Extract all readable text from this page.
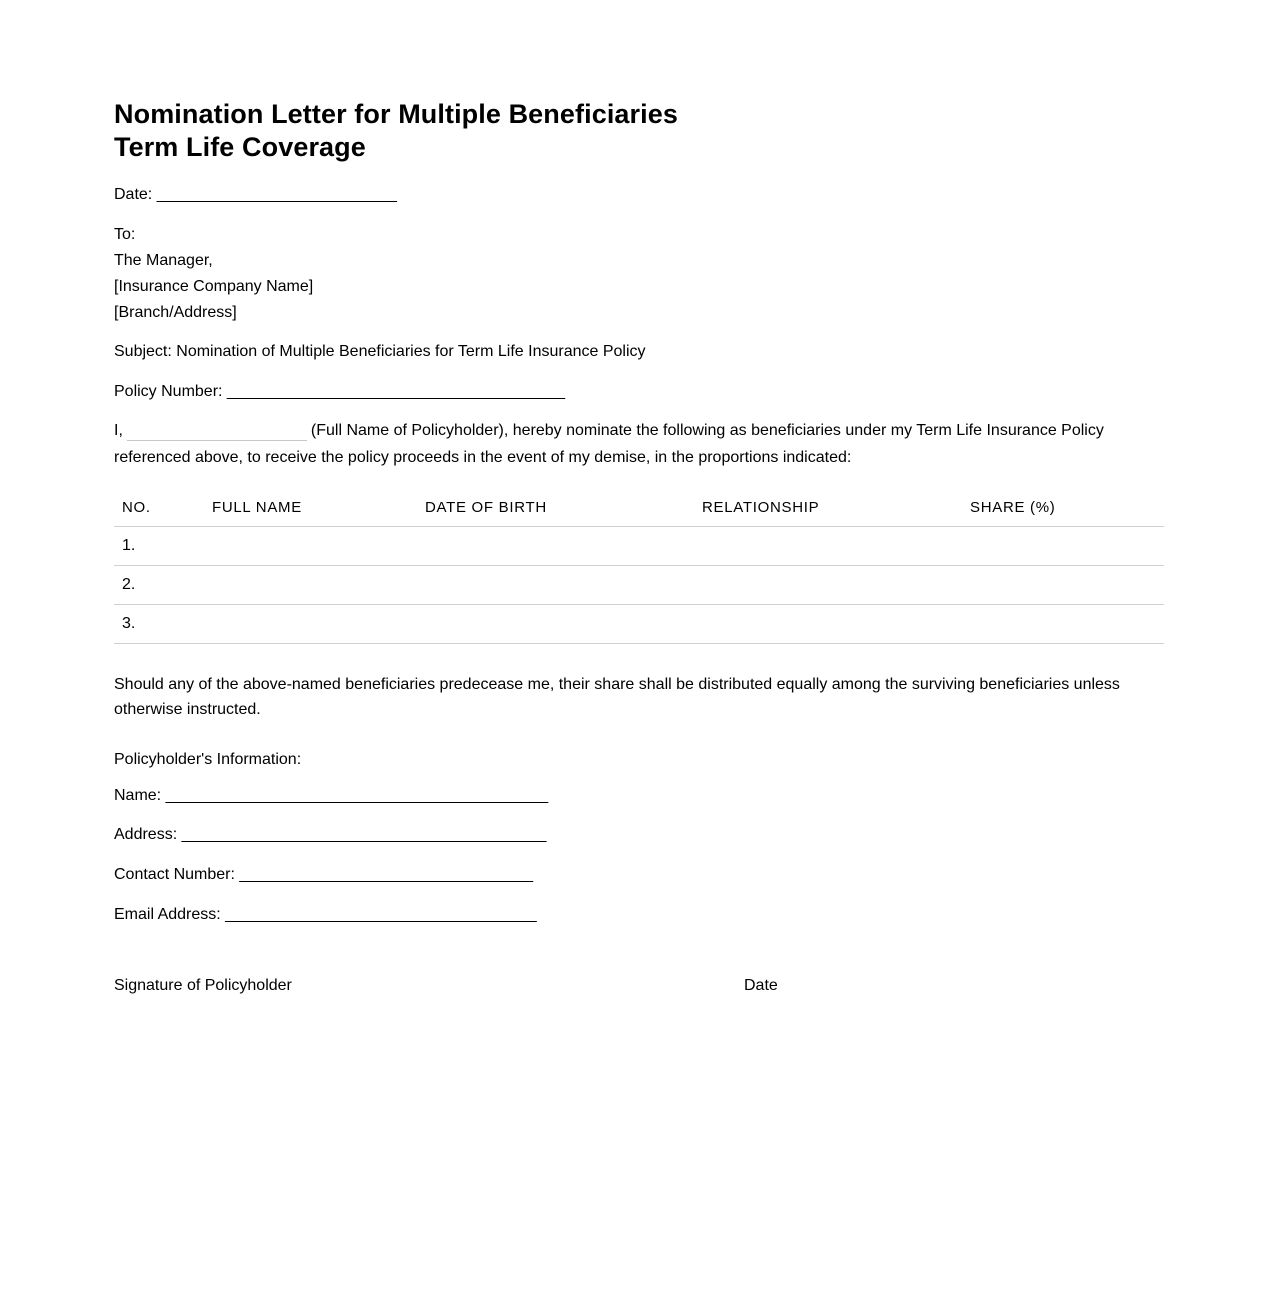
Nomination Letter for Multiple Beneficiaries
Term Life Coverage
Date: ___________________________
To:
The Manager,
[Insurance Company Name]
[Branch/Address]
Subject: Nomination of Multiple Beneficiaries for Term Life Insurance Policy
Policy Number: ______________________________________
I,	(Full Name of Policyholder), hereby nominate the following as beneficiaries under my Term Life Insurance Policy referenced above, to receive the policy proceeds in the event of my demise, in the proportions indicated:
NO.	FULL NAME	DATE OF BIRTH	RELATIONSHIP	SHARE (%)
1.				
2.				
3.				
Should any of the above-named beneficiaries predecease me, their share shall be distributed equally among the surviving beneficiaries unless otherwise instructed.
Policyholder's Information:
Name: ___________________________________________
Address: _________________________________________
Contact Number: _________________________________
Email Address: ___________________________________
Signature of Policyholder	Date
